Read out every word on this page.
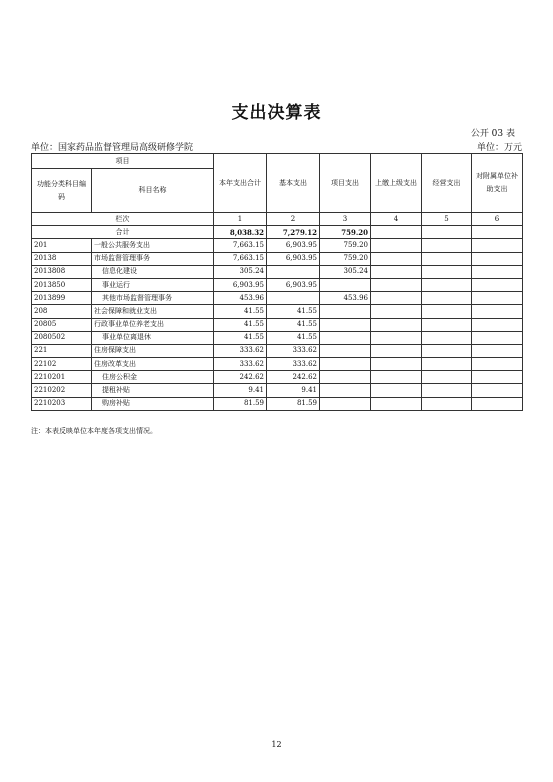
支出决算表
公开 03 表
单位：国家药品监督管理局高级研修学院	单位：万元
项目		本年支出合计	基本支出	项目支出	上缴上级支出	经营支出	对附属单位补助支出
功能分类科目编码	科目名称						
栏次		1	2	3	4	5	6
合计		8,038.32	7,279.12	759.20			
201	一般公共服务支出	7,663.15	6,903.95	759.20			
20138	市场监督管理事务	7,663.15	6,903.95	759.20			
2013808	信息化建设	305.24		305.24			
2013850	事业运行	6,903.95	6,903.95				
2013899	其他市场监督管理事务	453.96		453.96			
208	社会保障和就业支出	41.55	41.55				
20805	行政事业单位养老支出	41.55	41.55				
2080502	事业单位离退休	41.55	41.55				
221	住房保障支出	333.62	333.62				
22102	住房改革支出	333.62	333.62				
2210201	住房公积金	242.62	242.62				
2210202	提租补贴	9.41	9.41				
2210203	购房补贴	81.59	81.59				
注：本表反映单位本年度各项支出情况。
12
